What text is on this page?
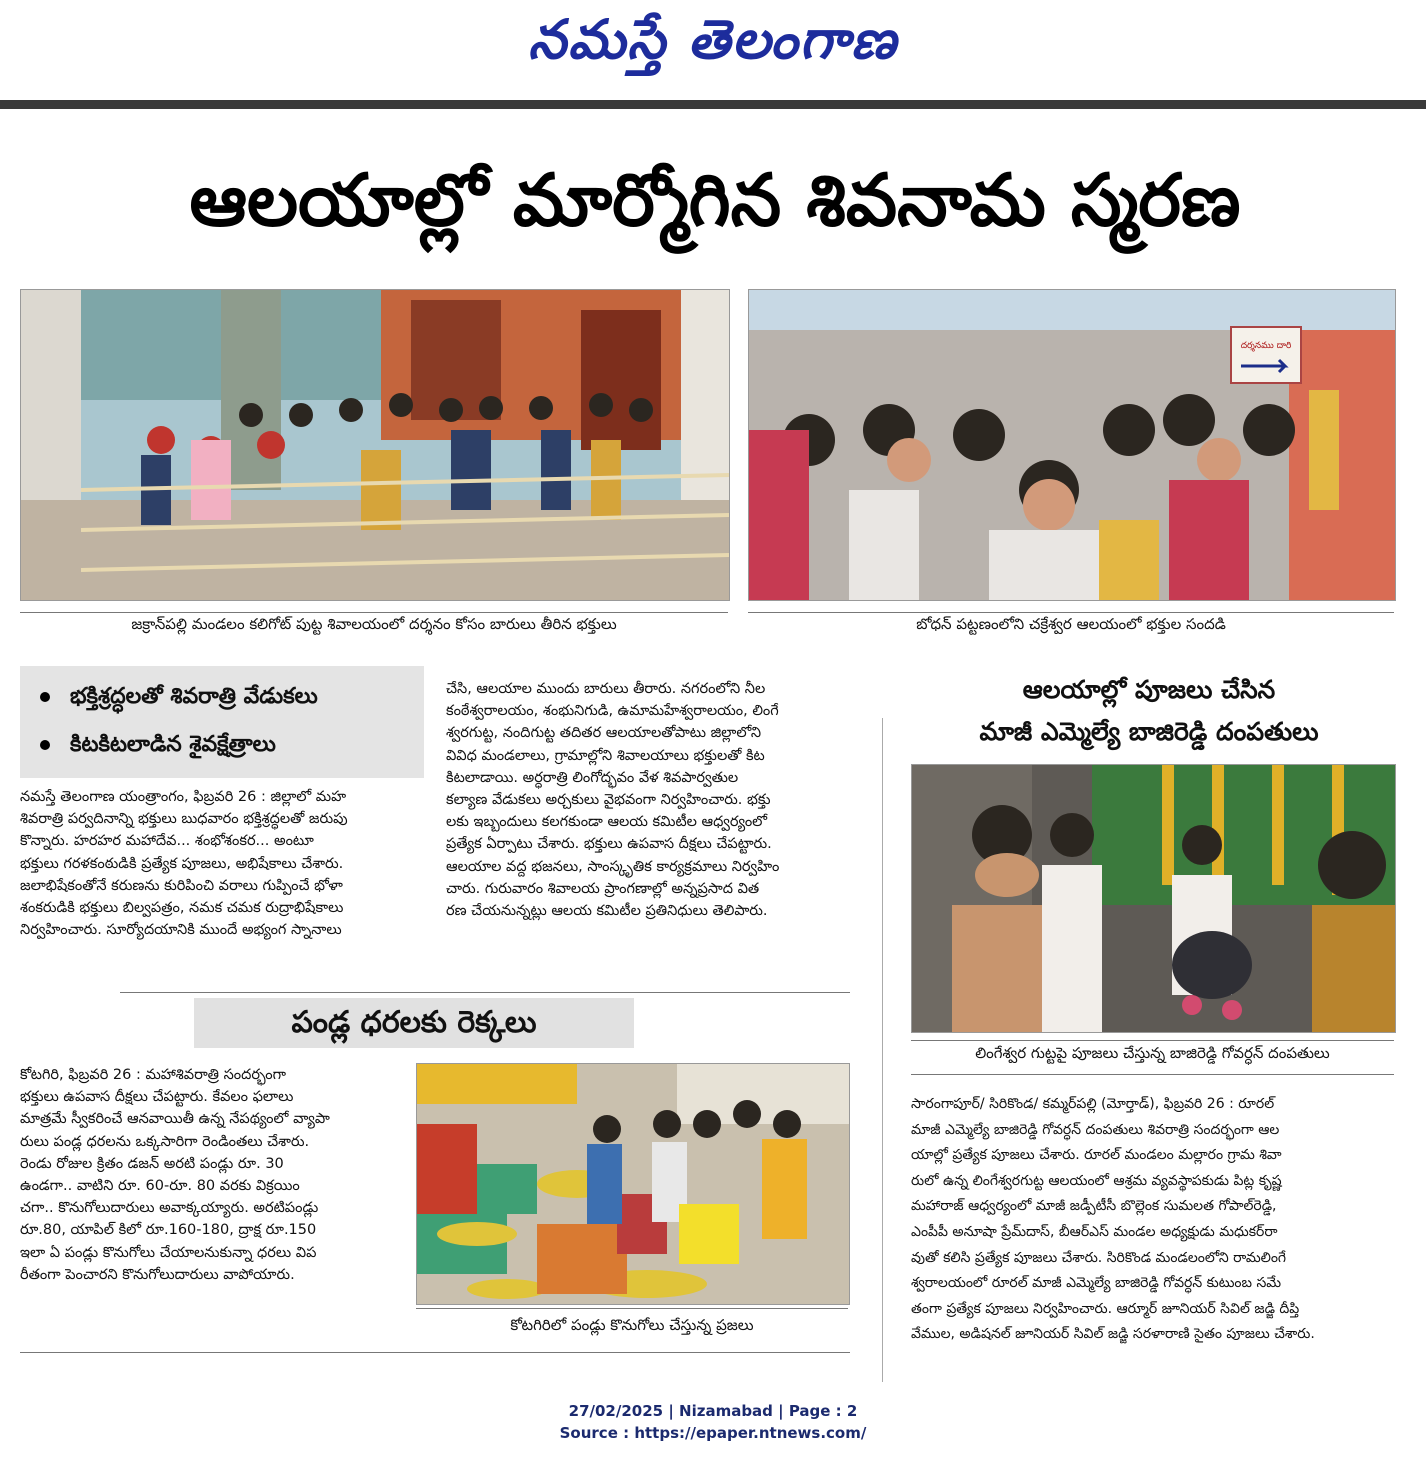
నమస్తే తెలంగాణ
ఆలయాల్లో మార్మోగిన శివనామ స్మరణ
దర్శనము దారి
జక్రాన్‌పల్లి మండలం కలిగోట్ పుట్ట శివాలయంలో దర్శనం కోసం బారులు తీరిన భక్తులు	బోధన్ పట్టణంలోని చక్రేశ్వర ఆలయంలో భక్తుల సందడి
భక్తిశ్రద్ధలతో శివరాత్రి వేడుకలు
కిటకిటలాడిన శైవక్షేత్రాలు
నమస్తే తెలంగాణ యంత్రాంగం, ఫిబ్రవరి 26 : జిల్లాలో మహ
శివరాత్రి పర్వదినాన్ని భక్తులు బుధవారం భక్తిశ్రద్ధలతో జరుపు
కొన్నారు. హరహర మహాదేవ... శంభోశంకర... అంటూ
భక్తులు గరళకంఠుడికి ప్రత్యేక పూజలు, అభిషేకాలు చేశారు.
జలాభిషేకంతోనే కరుణను కురిపించి వరాలు గుప్పించే భోళా
శంకరుడికి భక్తులు బిల్వపత్రం, నమక చమక రుద్రాభిషేకాలు
నిర్వహించారు. సూర్యోదయానికి ముందే అభ్యంగ స్నానాలు
చేసి, ఆలయాల ముందు బారులు తీరారు. నగరంలోని నీల
కంఠేశ్వరాలయం, శంభునిగుడి, ఉమామహేశ్వరాలయం, లింగే
శ్వరగుట్ట, నందిగుట్ట తదితర ఆలయాలతోపాటు జిల్లాలోని
వివిధ మండలాలు, గ్రామాల్లోని శివాలయాలు భక్తులతో కిట
కిటలాడాయి. అర్ధరాత్రి లింగోద్భవం వేళ శివపార్వతుల
కల్యాణ వేడుకలు అర్చకులు వైభవంగా నిర్వహించారు. భక్తు
లకు ఇబ్బందులు కలగకుండా ఆలయ కమిటీల ఆధ్వర్యంలో
ప్రత్యేక ఏర్పాటు చేశారు. భక్తులు ఉపవాస దీక్షలు చేపట్టారు.
ఆలయాల వద్ద భజనలు, సాంస్కృతిక కార్యక్రమాలు నిర్వహిం
చారు. గురువారం శివాలయ ప్రాంగణాల్లో అన్నప్రసాద విత
రణ చేయనున్నట్లు ఆలయ కమిటీల ప్రతినిధులు తెలిపారు.
పండ్ల ధరలకు రెక్కలు
కోటగిరి, ఫిబ్రవరి 26 : మహాశివరాత్రి సందర్భంగా
భక్తులు ఉపవాస దీక్షలు చేపట్టారు. కేవలం ఫలాలు
మాత్రమే స్వీకరించే ఆనవాయితీ ఉన్న నేపథ్యంలో వ్యాపా
రులు పండ్ల ధరలను ఒక్కసారిగా రెండింతలు చేశారు.
రెండు రోజుల క్రితం డజన్ అరటి పండ్లు రూ. 30
ఉండగా.. వాటిని రూ. 60-రూ. 80 వరకు విక్రయిం
చగా.. కొనుగోలుదారులు అవాక్కయ్యారు. అరటిపండ్లు
రూ.80, యాపిల్ కిలో రూ.160-180, ద్రాక్ష రూ.150
ఇలా ఏ పండ్లు కొనుగోలు చేయాలనుకున్నా ధరలు విప
రీతంగా పెంచారని కొనుగోలుదారులు వాపోయారు.
కోటగిరిలో పండ్లు కొనుగోలు చేస్తున్న ప్రజలు
ఆలయాల్లో పూజలు చేసిన
మాజీ ఎమ్మెల్యే బాజిరెడ్డి దంపతులు
లింగేశ్వర గుట్టపై పూజలు చేస్తున్న బాజిరెడ్డి గోవర్ధన్ దంపతులు
సారంగాపూర్/ సిరికొండ/ కమ్మర్‌పల్లి (మోర్తాడ్), ఫిబ్రవరి 26 : రూరల్
మాజీ ఎమ్మెల్యే బాజిరెడ్డి గోవర్ధన్ దంపతులు శివరాత్రి సందర్భంగా ఆల
యాల్లో ప్రత్యేక పూజలు చేశారు. రూరల్ మండలం మల్లారం గ్రామ శివా
రులో ఉన్న లింగేశ్వరగుట్ట ఆలయంలో ఆశ్రమ వ్యవస్థాపకుడు పిట్ల కృష్ణ
మహారాజ్ ఆధ్వర్యంలో మాజీ జడ్పీటీసీ బొల్లెంక సుమలత గోపాల్‌రెడ్డి,
ఎంపీపీ అనూషా ప్రేమ్‌దాస్, బీఆర్‌ఎస్ మండల అధ్యక్షుడు మధుకర్‌రా
వుతో కలిసి ప్రత్యేక పూజలు చేశారు. సిరికొండ మండలంలోని రామలింగే
శ్వరాలయంలో రూరల్ మాజీ ఎమ్మెల్యే బాజిరెడ్డి గోవర్ధన్ కుటుంబ సమే
తంగా ప్రత్యేక పూజలు నిర్వహించారు. ఆర్మూర్ జూనియర్ సివిల్ జడ్జి దీప్తి
వేముల, అడిషనల్ జూనియర్ సివిల్ జడ్జి సరళారాణి సైతం పూజలు చేశారు.
27/02/2025 | Nizamabad | Page : 2
Source : https://epaper.ntnews.com/
